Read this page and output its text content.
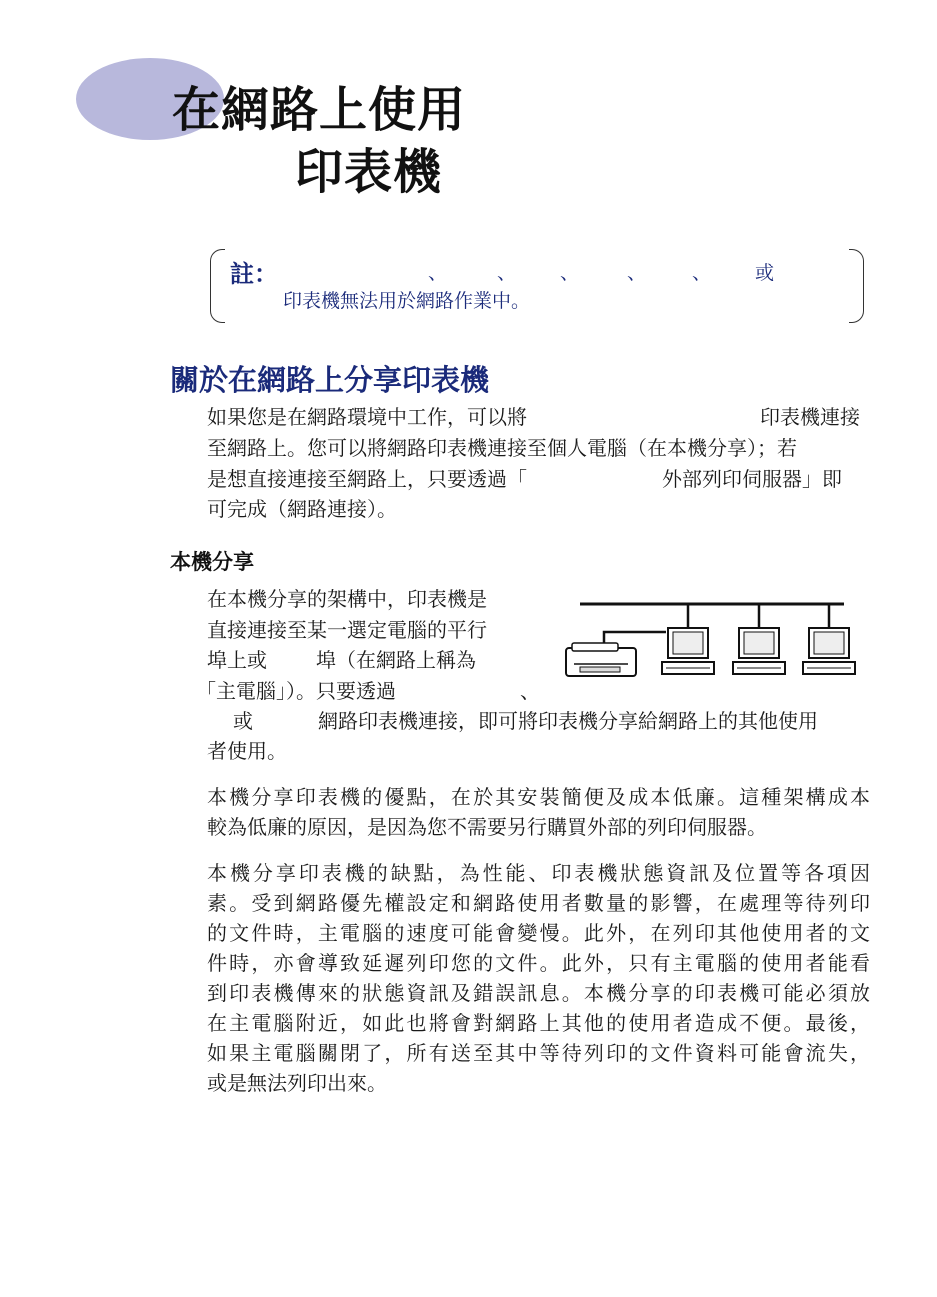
在網路上使用
印表機
註：	、	、 、	、 、 或
印表機無法用於網路作業中。
關於在網路上分享印表機
如果您是在網路環境中工作，可以將	印表機連接
至網路上。您可以將網路印表機連接至個人電腦（在本機分享）；若
是想直接連接至網路上，只要透過「	外部列印伺服器」即
可完成（網路連接）。
本機分享
在本機分享的架構中，印表機是
直接連接至某一選定電腦的平行
埠上或 埠（在網路上稱為
「主電腦」）。只要透過	、
或	網路印表機連接，即可將印表機分享給網路上的其他使用
者使用。

本機分享印表機的優點，在於其安裝簡便及成本低廉。這種架構成本

較為低廉的原因，是因為您不需要另行購買外部的列印伺服器。

本機分享印表機的缺點，為性能、印表機狀態資訊及位置等各項因

素。受到網路優先權設定和網路使用者數量的影響，在處理等待列印

的文件時，主電腦的速度可能會變慢。此外，在列印其他使用者的文

件時，亦會導致延遲列印您的文件。此外，只有主電腦的使用者能看

到印表機傳來的狀態資訊及錯誤訊息。本機分享的印表機可能必須放

在主電腦附近，如此也將會對網路上其他的使用者造成不便。最後，

如果主電腦關閉了，所有送至其中等待列印的文件資料可能會流失，

或是無法列印出來。
